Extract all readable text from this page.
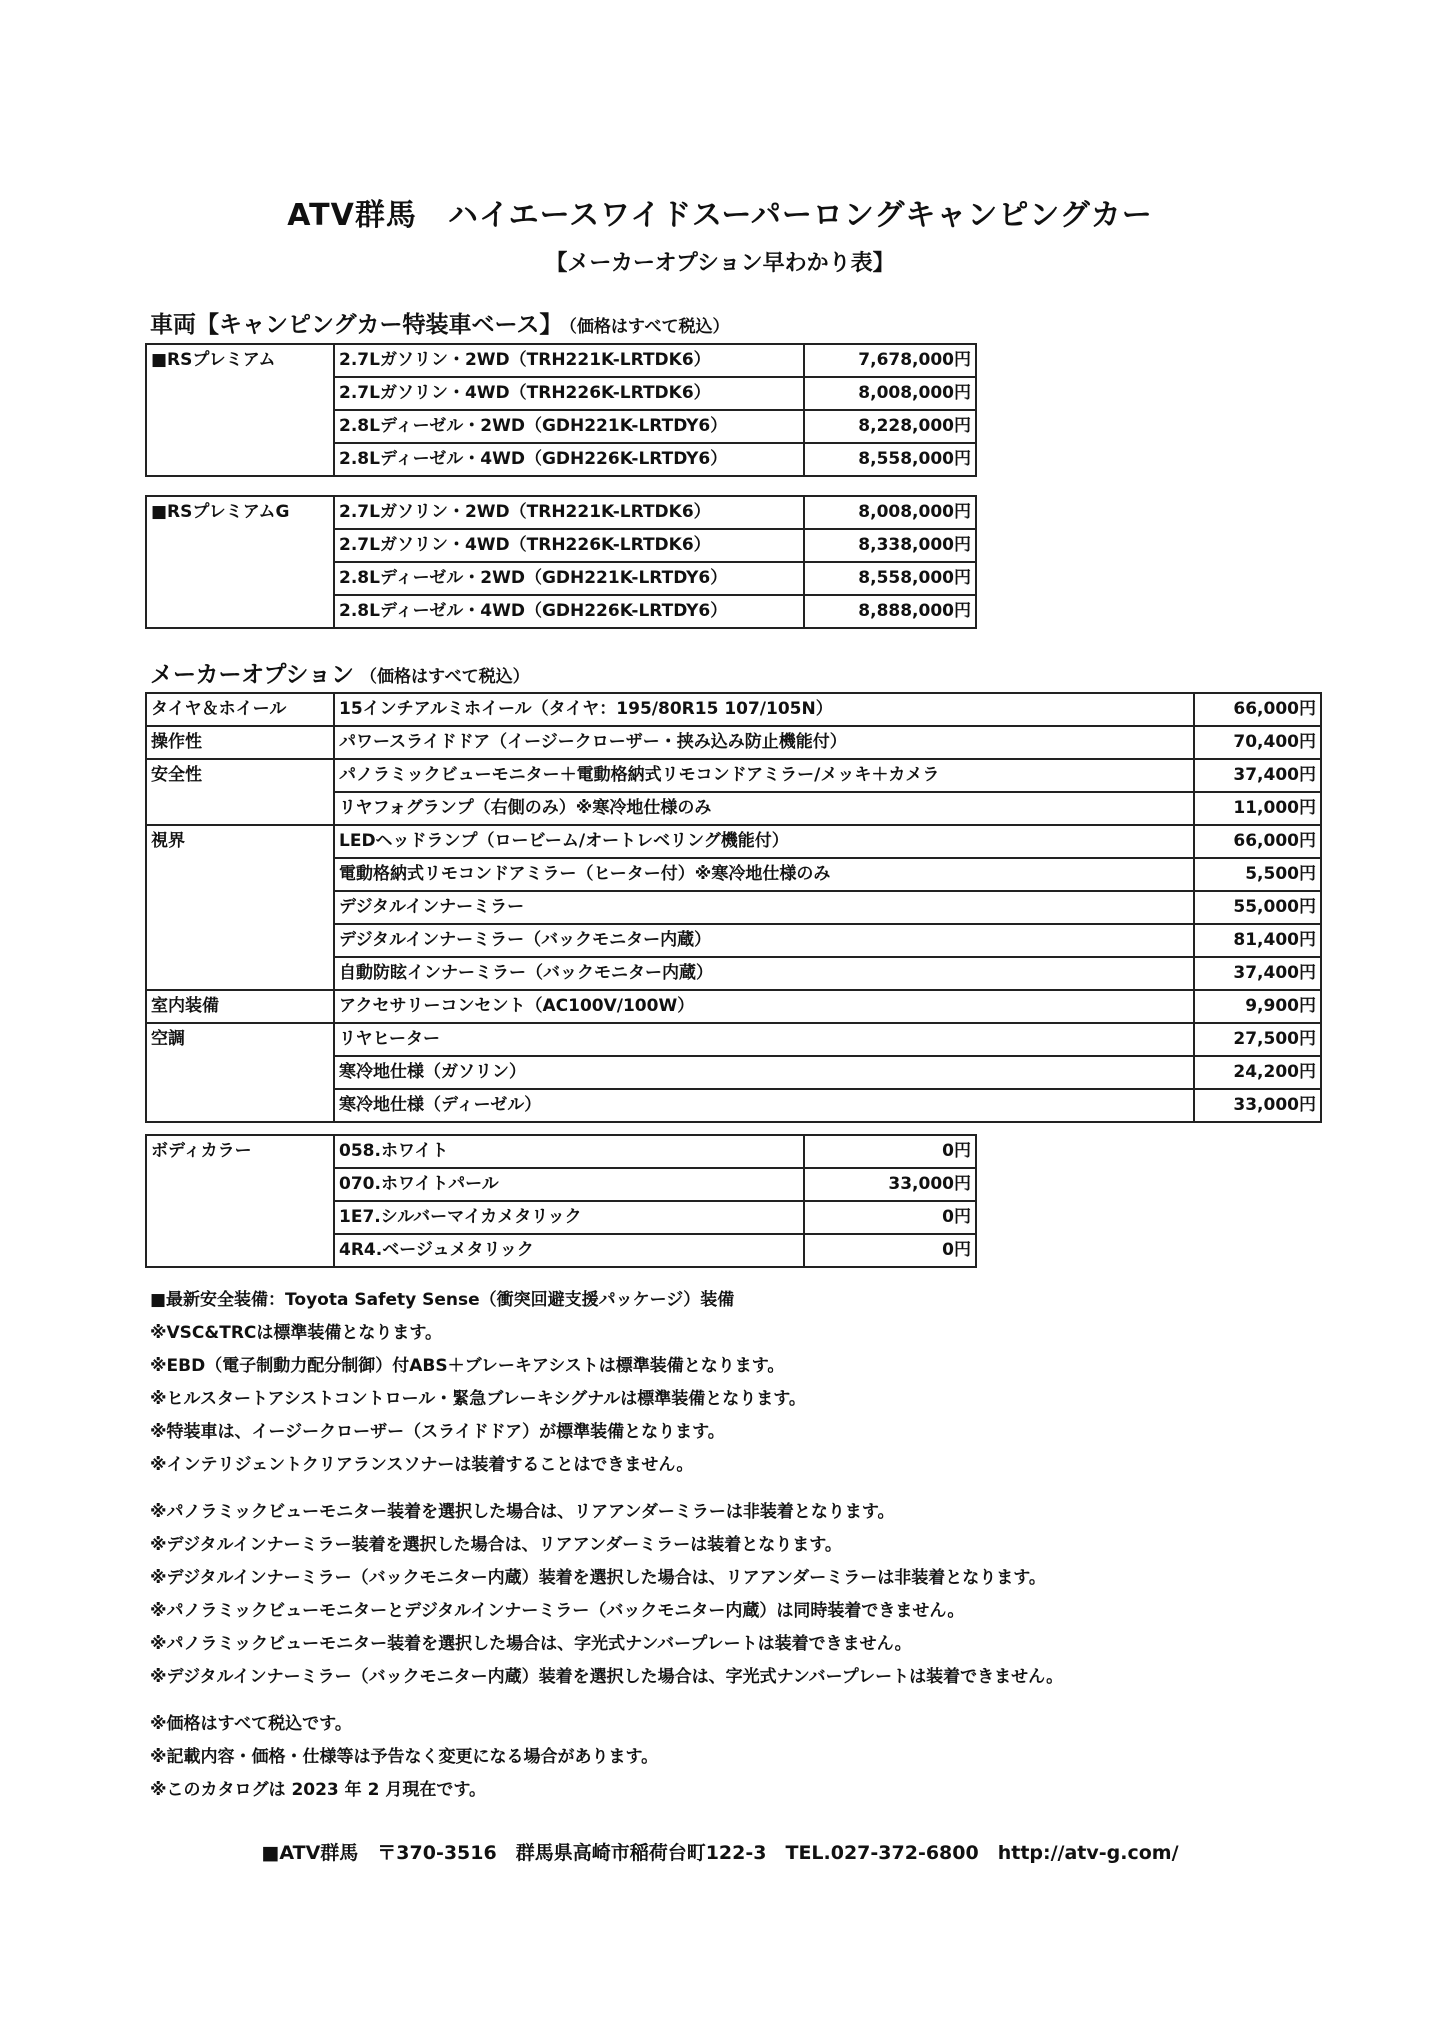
ATV群馬　ハイエースワイドスーパーロングキャンピングカー
【メーカーオプション早わかり表】
車両【キャンピングカー特装車ベース】 （価格はすべて税込）
■RSプレミアム	2.7Lガソリン・2WD（TRH221K-LRTDK6）	7,678,000円
	2.7Lガソリン・4WD（TRH226K-LRTDK6）	8,008,000円
	2.8Lディーゼル・2WD（GDH221K-LRTDY6）	8,228,000円
	2.8Lディーゼル・4WD（GDH226K-LRTDY6）	8,558,000円
■RSプレミアムG	2.7Lガソリン・2WD（TRH221K-LRTDK6）	8,008,000円
	2.7Lガソリン・4WD（TRH226K-LRTDK6）	8,338,000円
	2.8Lディーゼル・2WD（GDH221K-LRTDY6）	8,558,000円
	2.8Lディーゼル・4WD（GDH226K-LRTDY6）	8,888,000円
メーカーオプション （価格はすべて税込）
タイヤ＆ホイール	15インチアルミホイール（タイヤ：195/80R15 107/105N）	66,000円
操作性	パワースライドドア（イージークローザー・挟み込み防止機能付）	70,400円
安全性	パノラミックビューモニター＋電動格納式リモコンドアミラー/メッキ＋カメラ	37,400円
	リヤフォグランプ（右側のみ）※寒冷地仕様のみ	11,000円
視界	LEDヘッドランプ（ロービーム/オートレベリング機能付）	66,000円
	電動格納式リモコンドアミラー（ヒーター付）※寒冷地仕様のみ	5,500円
	デジタルインナーミラー	55,000円
	デジタルインナーミラー（バックモニター内蔵）	81,400円
	自動防眩インナーミラー（バックモニター内蔵）	37,400円
室内装備	アクセサリーコンセント（AC100V/100W）	9,900円
空調	リヤヒーター	27,500円
	寒冷地仕様（ガソリン）	24,200円
	寒冷地仕様（ディーゼル）	33,000円
ボディカラー	058.ホワイト	0円
	070.ホワイトパール	33,000円
	1E7.シルバーマイカメタリック	0円
	4R4.ベージュメタリック	0円
■最新安全装備：Toyota Safety Sense（衝突回避支援パッケージ）装備
※VSC&TRCは標準装備となります。
※EBD（電子制動力配分制御）付ABS＋ブレーキアシストは標準装備となります。
※ヒルスタートアシストコントロール・緊急ブレーキシグナルは標準装備となります。
※特装車は、イージークローザー（スライドドア）が標準装備となります。
※インテリジェントクリアランスソナーは装着することはできません。
※パノラミックビューモニター装着を選択した場合は、リアアンダーミラーは非装着となります。
※デジタルインナーミラー装着を選択した場合は、リアアンダーミラーは装着となります。
※デジタルインナーミラー（バックモニター内蔵）装着を選択した場合は、リアアンダーミラーは非装着となります。
※パノラミックビューモニターとデジタルインナーミラー（バックモニター内蔵）は同時装着できません。
※パノラミックビューモニター装着を選択した場合は、字光式ナンバープレートは装着できません。
※デジタルインナーミラー（バックモニター内蔵）装着を選択した場合は、字光式ナンバープレートは装着できません。
※価格はすべて税込です。
※記載内容・価格・仕様等は予告なく変更になる場合があります。
※このカタログは 2023 年 2 月現在です。
■ATV群馬　〒370-3516　群馬県高崎市稲荷台町122-3　TEL.027-372-6800　http://atv-g.com/
